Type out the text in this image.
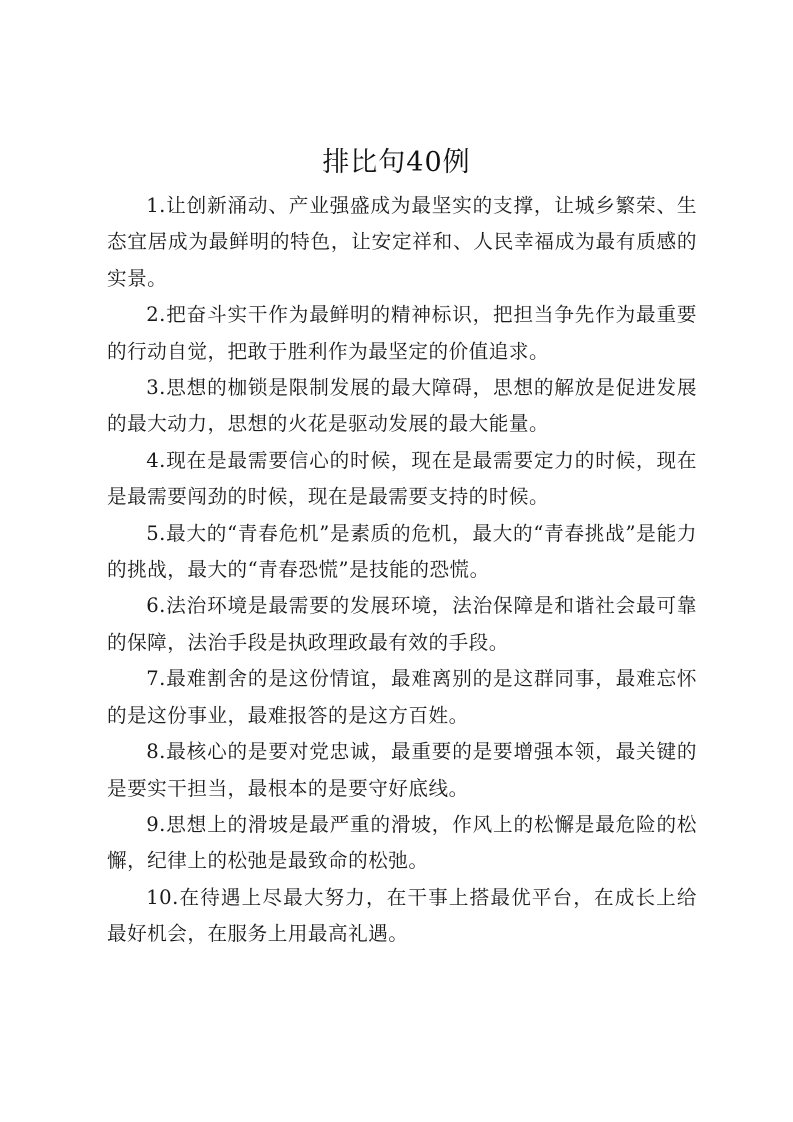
排比句40例

1.让创新涌动、产业强盛成为最坚实的支撑，让城乡繁荣、生态宜居成为最鲜明的特色，让安定祥和、人民幸福成为最有质感的实景。

2.把奋斗实干作为最鲜明的精神标识，把担当争先作为最重要的行动自觉，把敢于胜利作为最坚定的价值追求。

3.思想的枷锁是限制发展的最大障碍，思想的解放是促进发展的最大动力，思想的火花是驱动发展的最大能量。

4.现在是最需要信心的时候，现在是最需要定力的时候，现在是最需要闯劲的时候，现在是最需要支持的时候。

5.最大的“青春危机”是素质的危机，最大的“青春挑战”是能力的挑战，最大的“青春恐慌”是技能的恐慌。

6.法治环境是最需要的发展环境，法治保障是和谐社会最可靠的保障，法治手段是执政理政最有效的手段。

7.最难割舍的是这份情谊，最难离别的是这群同事，最难忘怀的是这份事业，最难报答的是这方百姓。

8.最核心的是要对党忠诚，最重要的是要增强本领，最关键的是要实干担当，最根本的是要守好底线。

9.思想上的滑坡是最严重的滑坡，作风上的松懈是最危险的松懈，纪律上的松弛是最致命的松弛。

10.在待遇上尽最大努力，在干事上搭最优平台，在成长上给最好机会，在服务上用最高礼遇。
